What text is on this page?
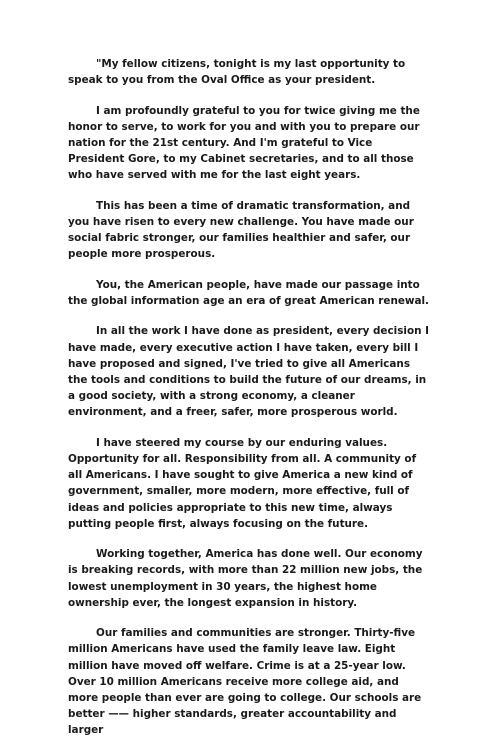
"My fellow citizens, tonight is my last opportunity to speak to you from the Oval Office as your president.

I am profoundly grateful to you for twice giving me the honor to serve, to work for you and with you to prepare our nation for the 21st century. And I'm grateful to Vice President Gore, to my Cabinet secretaries, and to all those who have served with me for the last eight years.

This has been a time of dramatic transformation, and you have risen to every new challenge. You have made our social fabric stronger, our families healthier and safer, our people more prosperous.

You, the American people, have made our passage into the global information age an era of great American renewal.

In all the work I have done as president, every decision I have made, every executive action I have taken, every bill I have proposed and signed, I've tried to give all Americans the tools and conditions to build the future of our dreams, in a good society, with a strong economy, a cleaner environment, and a freer, safer, more prosperous world.

I have steered my course by our enduring values. Opportunity for all. Responsibility from all. A community of all Americans. I have sought to give America a new kind of government, smaller, more modern, more effective, full of ideas and policies appropriate to this new time, always putting people first, always focusing on the future.

Working together, America has done well. Our economy is breaking records, with more than 22 million new jobs, the lowest unemployment in 30 years, the highest home ownership ever, the longest expansion in history.

Our families and communities are stronger. Thirty-five million Americans have used the family leave law. Eight million have moved off welfare. Crime is at a 25-year low. Over 10 million Americans receive more college aid, and more people than ever are going to college. Our schools are better —— higher standards, greater accountability and larger
